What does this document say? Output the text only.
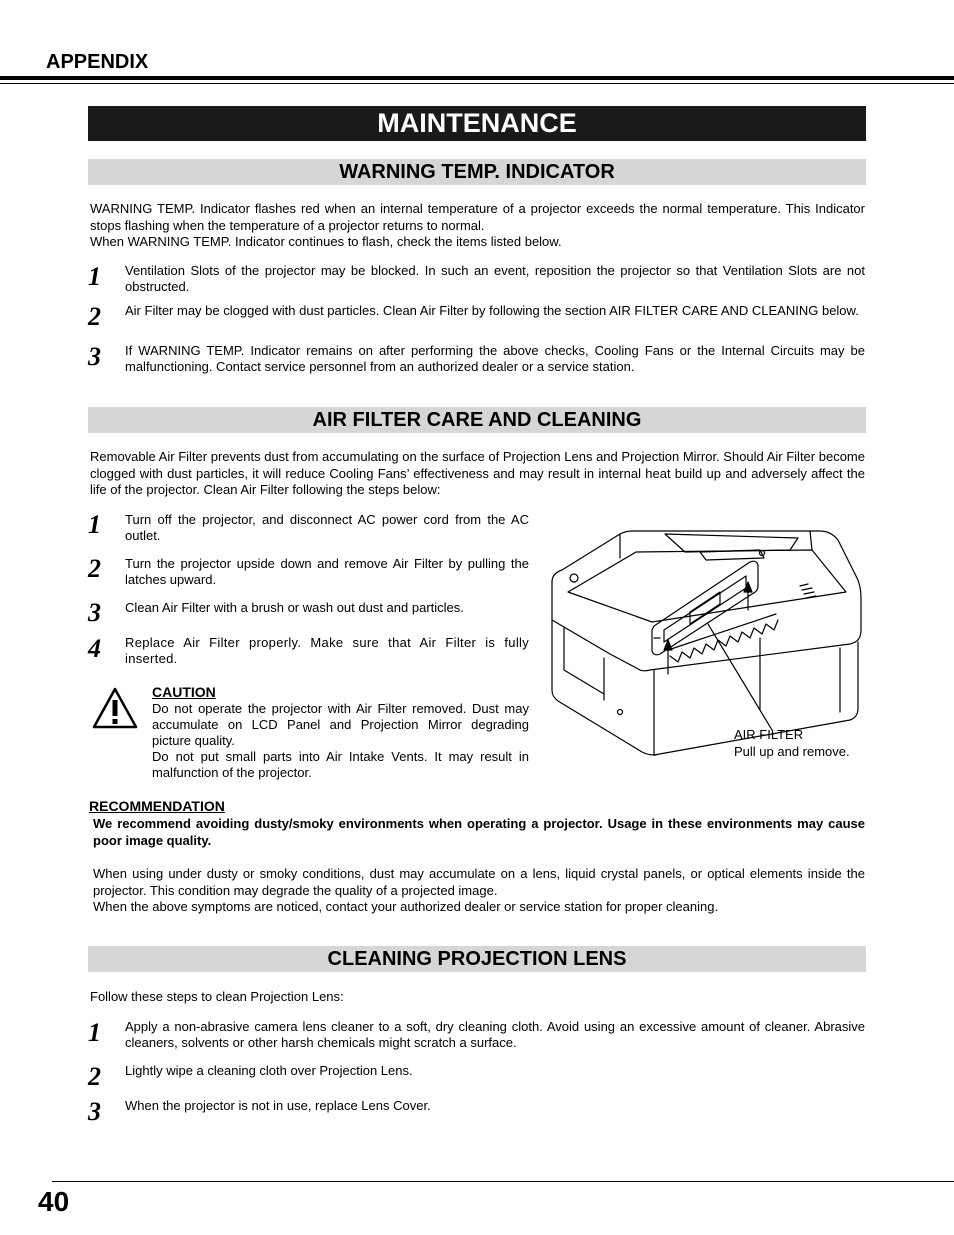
APPENDIX
MAINTENANCE
WARNING TEMP. INDICATOR
WARNING TEMP. Indicator flashes red when an internal temperature of a projector exceeds the normal temperature. This Indicator stops flashing when the temperature of a projector returns to normal.
When WARNING TEMP. Indicator continues to flash, check the items listed below.
1 Ventilation Slots of the projector may be blocked. In such an event, reposition the projector so that Ventilation Slots are not obstructed.
2 Air Filter may be clogged with dust particles. Clean Air Filter by following the section AIR FILTER CARE AND CLEANING below.
3 If WARNING TEMP. Indicator remains on after performing the above checks, Cooling Fans or the Internal Circuits may be malfunctioning. Contact service personnel from an authorized dealer or a service station.
AIR FILTER CARE AND CLEANING
Removable Air Filter prevents dust from accumulating on the surface of Projection Lens and Projection Mirror. Should Air Filter become clogged with dust particles, it will reduce Cooling Fans’ effectiveness and may result in internal heat build up and adversely affect the life of the projector. Clean Air Filter following the steps below:
1 Turn off the projector, and disconnect AC power cord from the AC outlet.
2 Turn the projector upside down and remove Air Filter by pulling the latches upward.
3 Clean Air Filter with a brush or wash out dust and particles.
4 Replace Air Filter properly. Make sure that Air Filter is fully inserted.
CAUTION
Do not operate the projector with Air Filter removed. Dust may accumulate on LCD Panel and Projection Mirror degrading picture quality.
Do not put small parts into Air Intake Vents. It may result in malfunction of the projector.
AIR FILTER
Pull up and remove.
RECOMMENDATION
We recommend avoiding dusty/smoky environments when operating a projector. Usage in these environments may cause poor image quality.
When using under dusty or smoky conditions, dust may accumulate on a lens, liquid crystal panels, or optical elements inside the projector. This condition may degrade the quality of a projected image.
When the above symptoms are noticed, contact your authorized dealer or service station for proper cleaning.
CLEANING PROJECTION LENS
Follow these steps to clean Projection Lens:
1 Apply a non-abrasive camera lens cleaner to a soft, dry cleaning cloth. Avoid using an excessive amount of cleaner. Abrasive cleaners, solvents or other harsh chemicals might scratch a surface.
2 Lightly wipe a cleaning cloth over Projection Lens.
3 When the projector is not in use, replace Lens Cover.
40
